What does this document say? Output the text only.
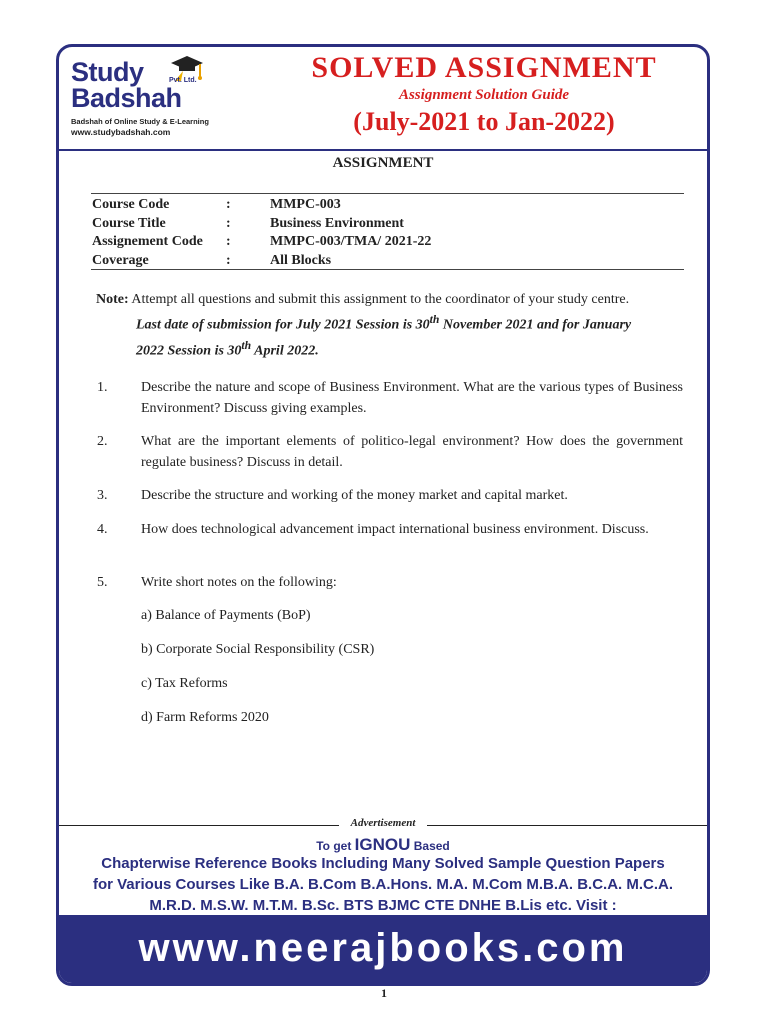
Study	Pvt. Ltd.
Badshah
Badshah of Online Study & E-Learning
www.studybadshah.com
SOLVED ASSIGNMENT
Assignment Solution Guide
(July-2021 to Jan-2022)
ASSIGNMENT
Course Code	:	MMPC-003
Course Title	:	Business Environment
Assignement Code	:	MMPC-003/TMA/ 2021-22
Coverage	:	All Blocks
Note: Attempt all questions and submit this assignment to the coordinator of your study centre.
Last date of submission for July 2021 Session is 30th November 2021 and for January
2022 Session is 30th April 2022.
1.	Describe the nature and scope of Business Environment. What are the various types of Business Environment? Discuss giving examples.
2.	What are the important elements of politico-legal environment? How does the government regulate business? Discuss in detail.
3.	Describe the structure and working of the money market and capital market.
4.	How does technological advancement impact international business environment. Discuss.
5.	Write short notes on the following:
a) Balance of Payments (BoP)
b) Corporate Social Responsibility (CSR)
c) Tax Reforms
d) Farm Reforms 2020
Advertisement
To get IGNOU Based
Chapterwise Reference Books Including Many Solved Sample Question Papers
for Various Courses Like B.A. B.Com B.A.Hons. M.A. M.Com M.B.A. B.C.A. M.C.A.
M.R.D. M.S.W. M.T.M. B.Sc. BTS BJMC CTE DNHE B.Lis etc. Visit :
www.neerajbooks.com
1
